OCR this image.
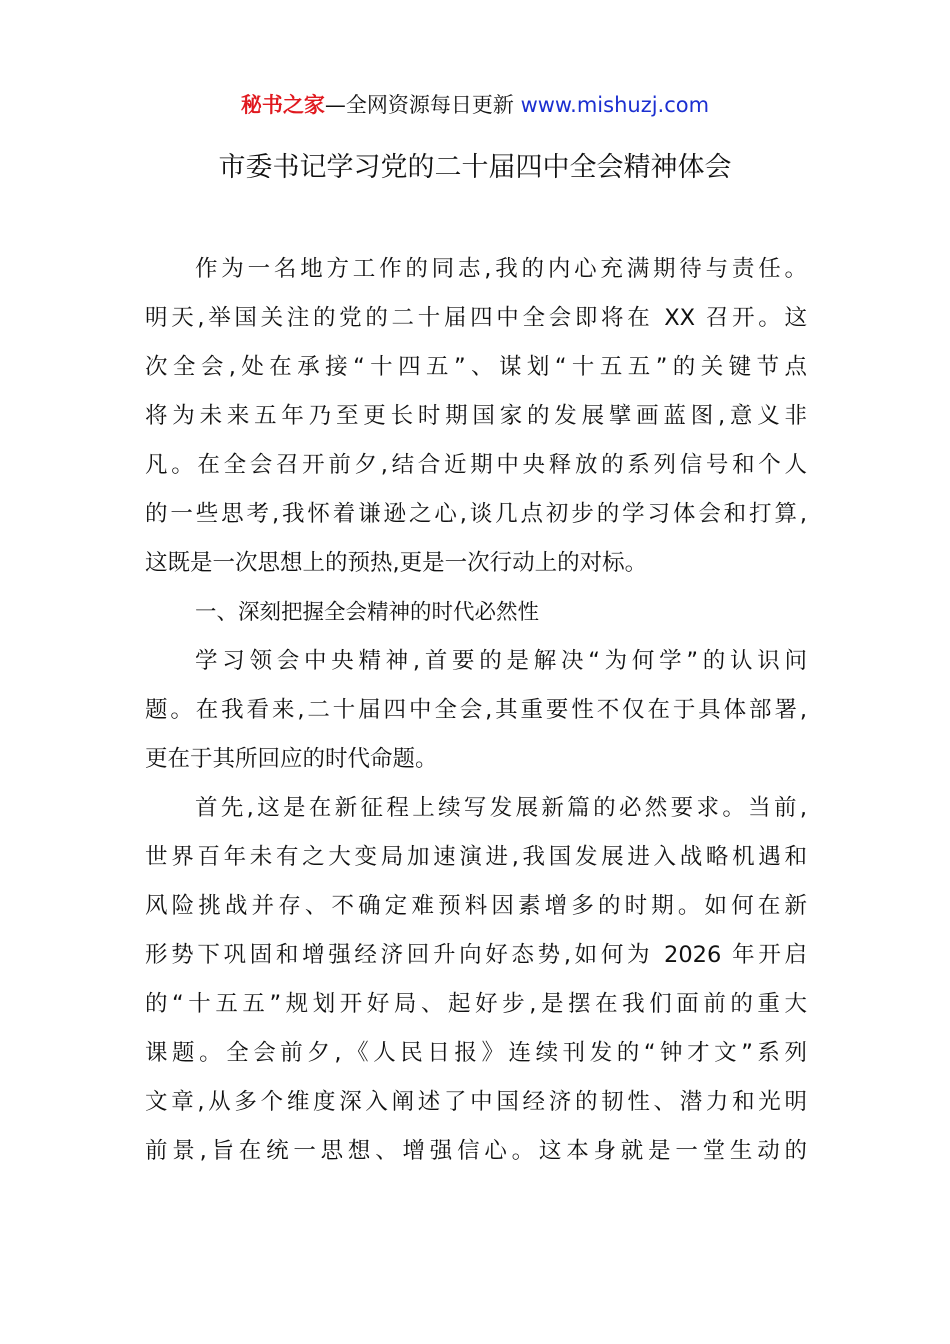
秘书之家—全网资源每日更新 www.mishuzj.com
市委书记学习党的二十届四中全会精神体会
作为一名地方工作的同志,我的内心充满期待与责任。
明天,举国关注的党的二十届四中全会即将在 XX 召开。这
次全会,处在承接“十四五”、谋划“十五五”的关键节点
将为未来五年乃至更长时期国家的发展擘画蓝图,意义非
凡。在全会召开前夕,结合近期中央释放的系列信号和个人
的一些思考,我怀着谦逊之心,谈几点初步的学习体会和打算,
这既是一次思想上的预热,更是一次行动上的对标。
一、深刻把握全会精神的时代必然性
学习领会中央精神,首要的是解决“为何学”的认识问
题。在我看来,二十届四中全会,其重要性不仅在于具体部署,
更在于其所回应的时代命题。
首先,这是在新征程上续写发展新篇的必然要求。当前,
世界百年未有之大变局加速演进,我国发展进入战略机遇和
风险挑战并存、不确定难预料因素增多的时期。如何在新
形势下巩固和增强经济回升向好态势,如何为 2026 年开启
的“十五五”规划开好局、起好步,是摆在我们面前的重大
课题。全会前夕,《人民日报》连续刊发的“钟才文”系列
文章,从多个维度深入阐述了中国经济的韧性、潜力和光明
前景,旨在统一思想、增强信心。这本身就是一堂生动的
